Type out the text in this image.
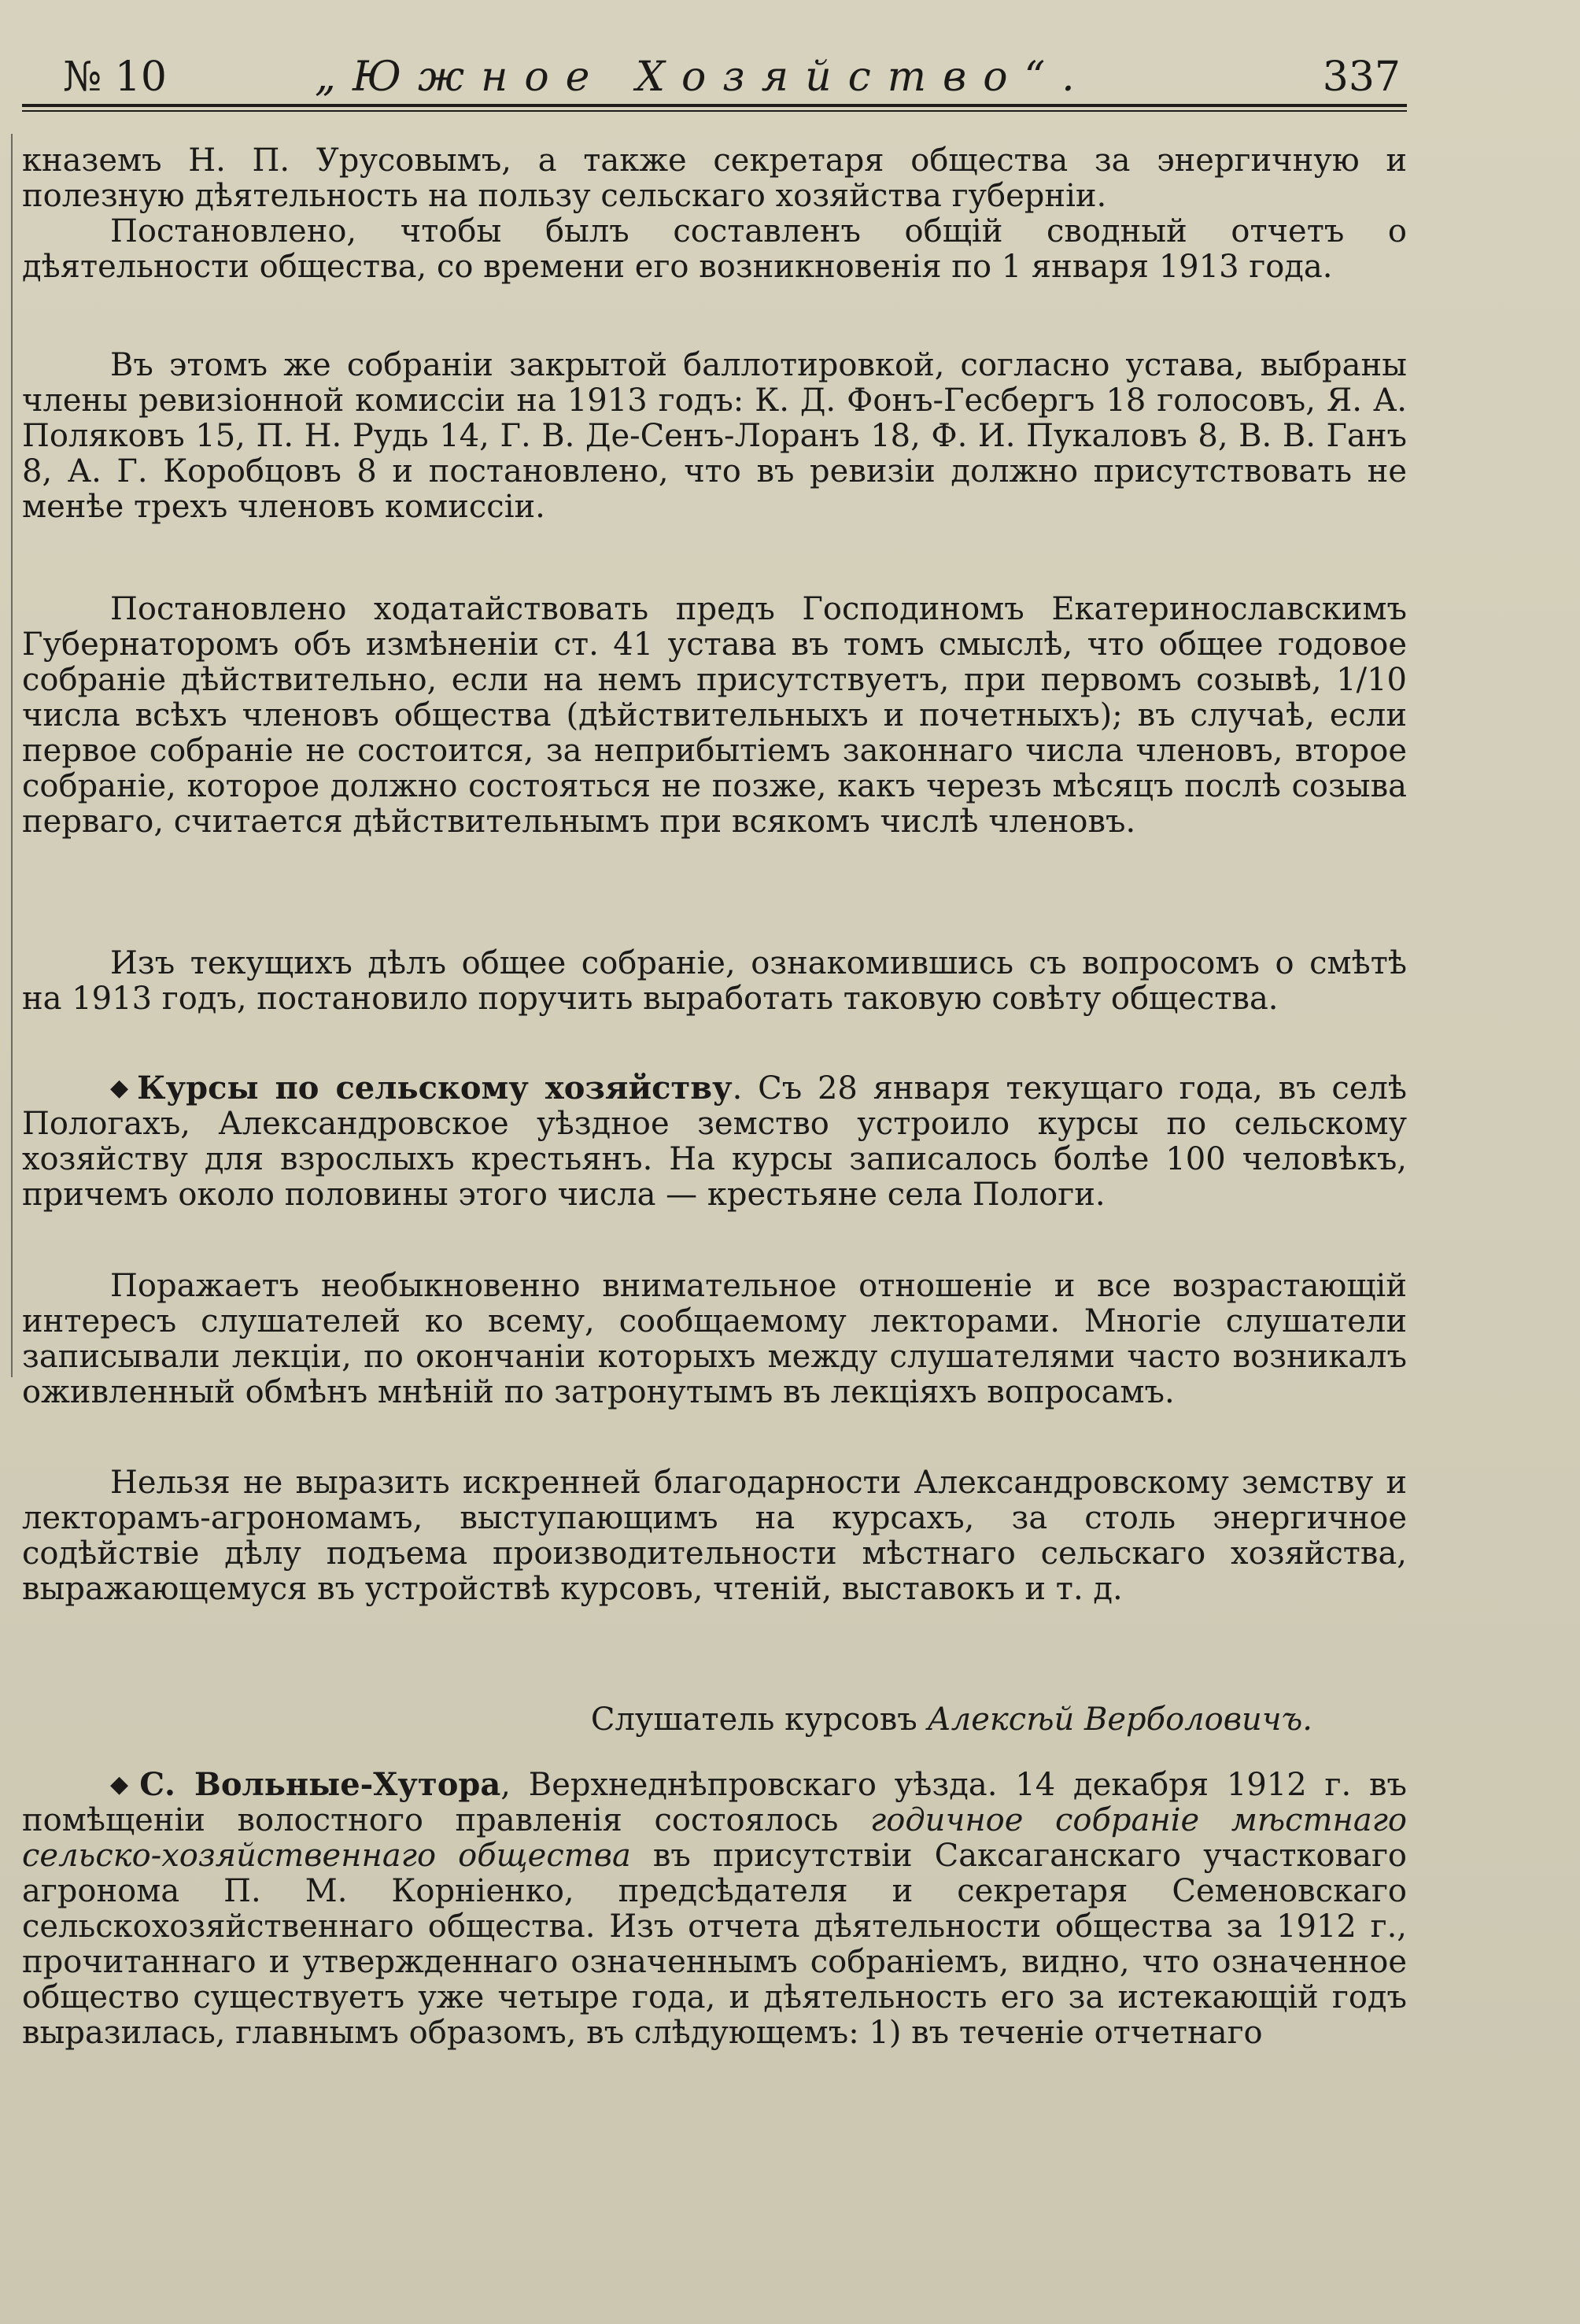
№ 10	„Южное Хозяйство“.	337

кназемъ Н. П. Урусовымъ, а также секретаря общества за энергичную и полезную дѣятельность на пользу сельскаго хозяйства губерніи.

Постановлено, чтобы былъ составленъ общій сводный отчетъ о дѣятельности общества, со времени его возникновенія по 1 января 1913 года.

Въ этомъ же собраніи закрытой баллотировкой, согласно устава, выбраны члены ревизіонной комиссіи на 1913 годъ: К. Д. Фонъ-Гесбергъ 18 голосовъ, Я. А. Поляковъ 15, П. Н. Рудь 14, Г. В. Де-Сенъ-Лоранъ 18, Ф. И. Пукаловъ 8, В. В. Ганъ 8, А. Г. Коробцовъ 8 и постановлено, что въ ревизіи должно присутствовать не менѣе трехъ членовъ комиссіи.

Постановлено ходатайствовать предъ Господиномъ Екатеринославскимъ Губернаторомъ объ измѣненіи ст. 41 устава въ томъ смыслѣ, что общее годовое собраніе дѣйствительно, если на немъ присутствуетъ, при первомъ созывѣ, 1/10 числа всѣхъ членовъ общества (дѣйствительныхъ и почетныхъ); въ случаѣ, если первое собраніе не состоится, за неприбытіемъ законнаго числа членовъ, второе собраніе, которое должно состояться не позже, какъ черезъ мѣсяцъ послѣ созыва перваго, считается дѣйствительнымъ при всякомъ числѣ членовъ.

Изъ текущихъ дѣлъ общее собраніе, ознакомившись съ вопросомъ о смѣтѣ на 1913 годъ, постановило поручить выработать таковую совѣту общества.

◆ Курсы по сельскому хозяйству. Съ 28 января текущаго года, въ селѣ Пологахъ, Александровское уѣздное земство устроило курсы по сельскому хозяйству для взрослыхъ крестьянъ. На курсы записалось болѣе 100 человѣкъ, причемъ около половины этого числа — крестьяне села Пологи.

Поражаетъ необыкновенно внимательное отношеніе и все возрастающій интересъ слушателей ко всему, сообщаемому лекторами. Многіе слушатели записывали лекціи, по окончаніи которыхъ между слушателями часто возникалъ оживленный обмѣнъ мнѣній по затронутымъ въ лекціяхъ вопросамъ.

Нельзя не выразить искренней благодарности Александровскому земству и лекторамъ-агрономамъ, выступающимъ на курсахъ, за столь энергичное содѣйствіе дѣлу подъема производительности мѣстнаго сельскаго хозяйства, выражающемуся въ устройствѣ курсовъ, чтеній, выставокъ и т. д.

Слушатель курсовъ Алексѣй Верболовичъ.

◆ С. Вольные-Хутора, Верхнеднѣпровскаго уѣзда. 14 декабря 1912 г. въ помѣщеніи волостного правленія состоялось годичное собраніе мѣстнаго сельско-хозяйственнаго общества въ присутствіи Саксаганскаго участковаго агронома П. М. Корніенко, предсѣдателя и секретаря Семеновскаго сельскохозяйственнаго общества. Изъ отчета дѣятельности общества за 1912 г., прочитаннаго и утвержденнаго означеннымъ собраніемъ, видно, что означенное общество существуетъ уже четыре года, и дѣятельность его за истекающій годъ выразилась, главнымъ образомъ, въ слѣдующемъ: 1) въ теченіе отчетнаго
